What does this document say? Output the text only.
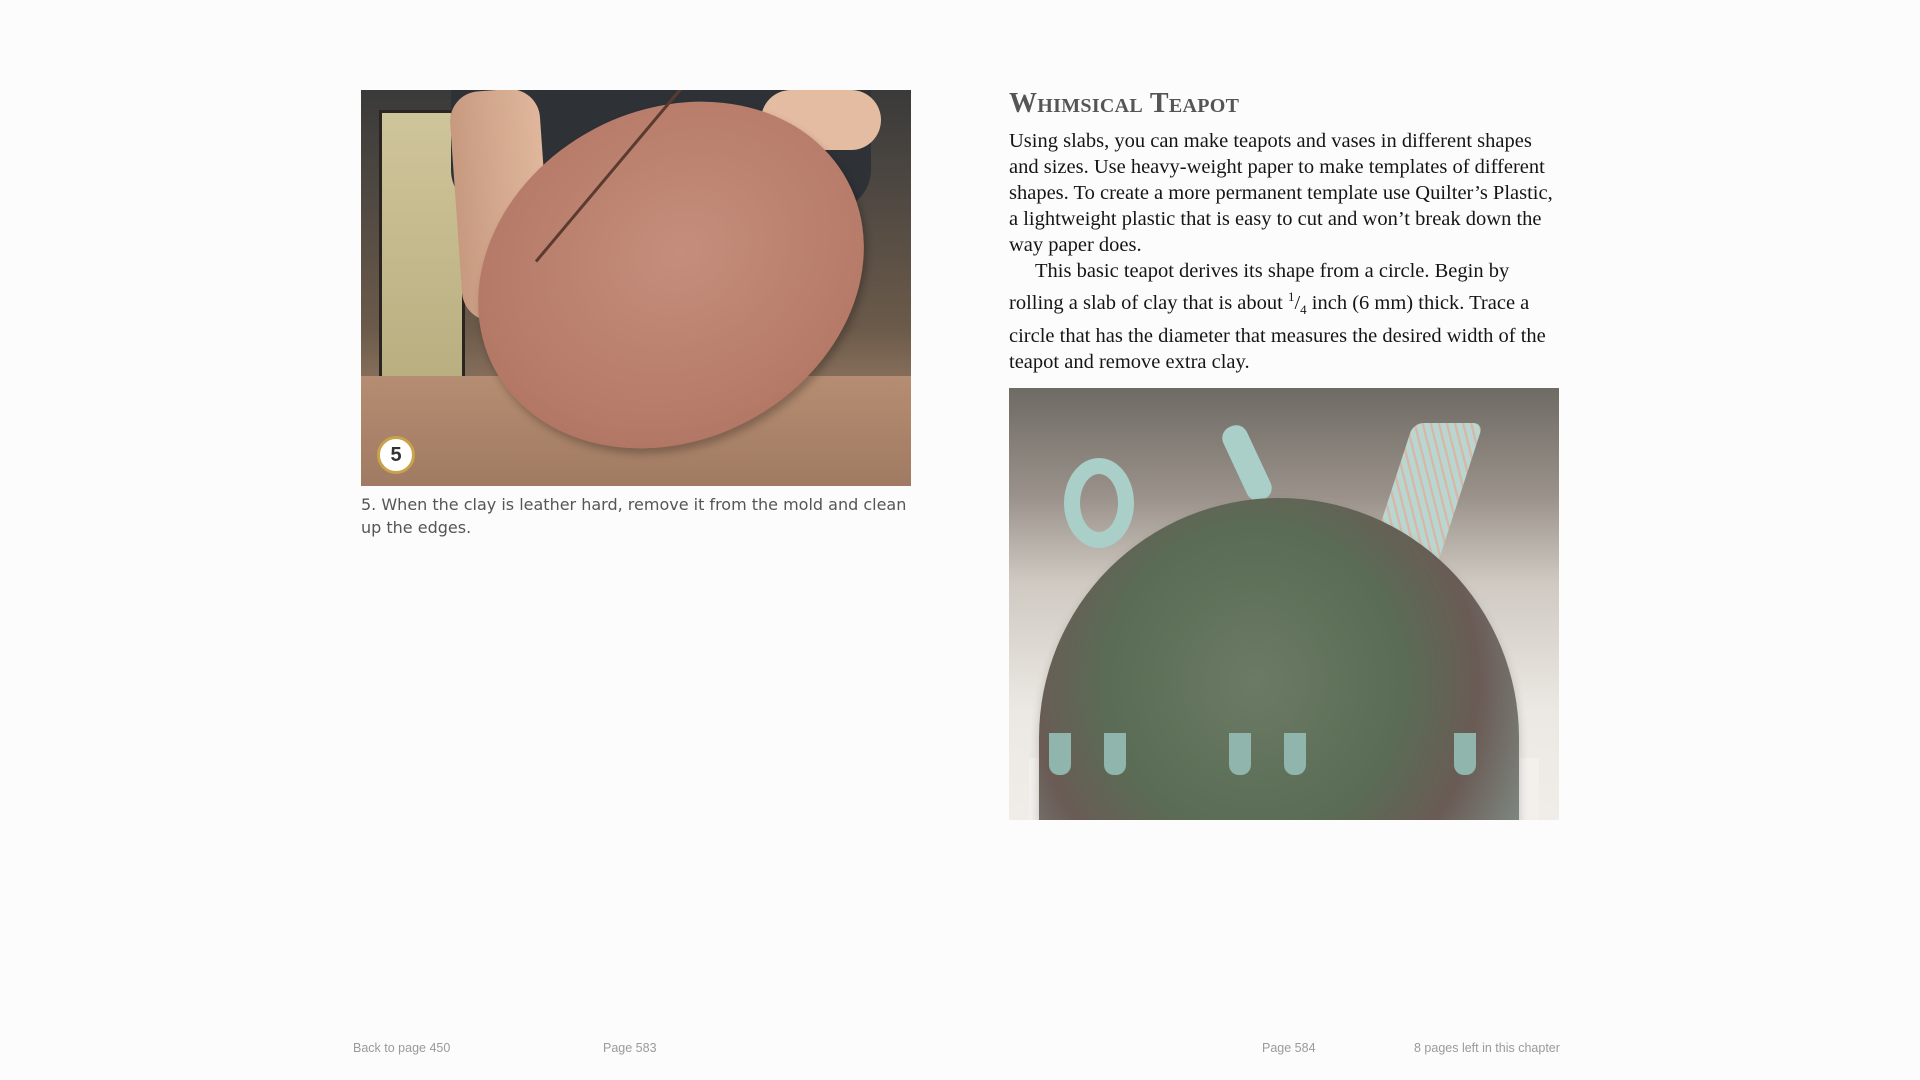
5
5. When the clay is leather hard, remove it from the mold and clean up the edges.
Whimsical Teapot

Using slabs, you can make teapots and vases in different shapes and sizes. Use heavy-weight paper to make templates of different shapes. To create a more permanent template use Quilter’s Plastic, a lightweight plastic that is easy to cut and won’t break down the way paper does.

This basic teapot derives its shape from a circle. Begin by rolling a slab of clay that is about $^1/_4$ inch (6 mm) thick. Trace a circle that has the diameter that measures the desired width of the teapot and remove extra clay.

Back to page 450	Page 583	Page 584	8 pages left in this chapter
